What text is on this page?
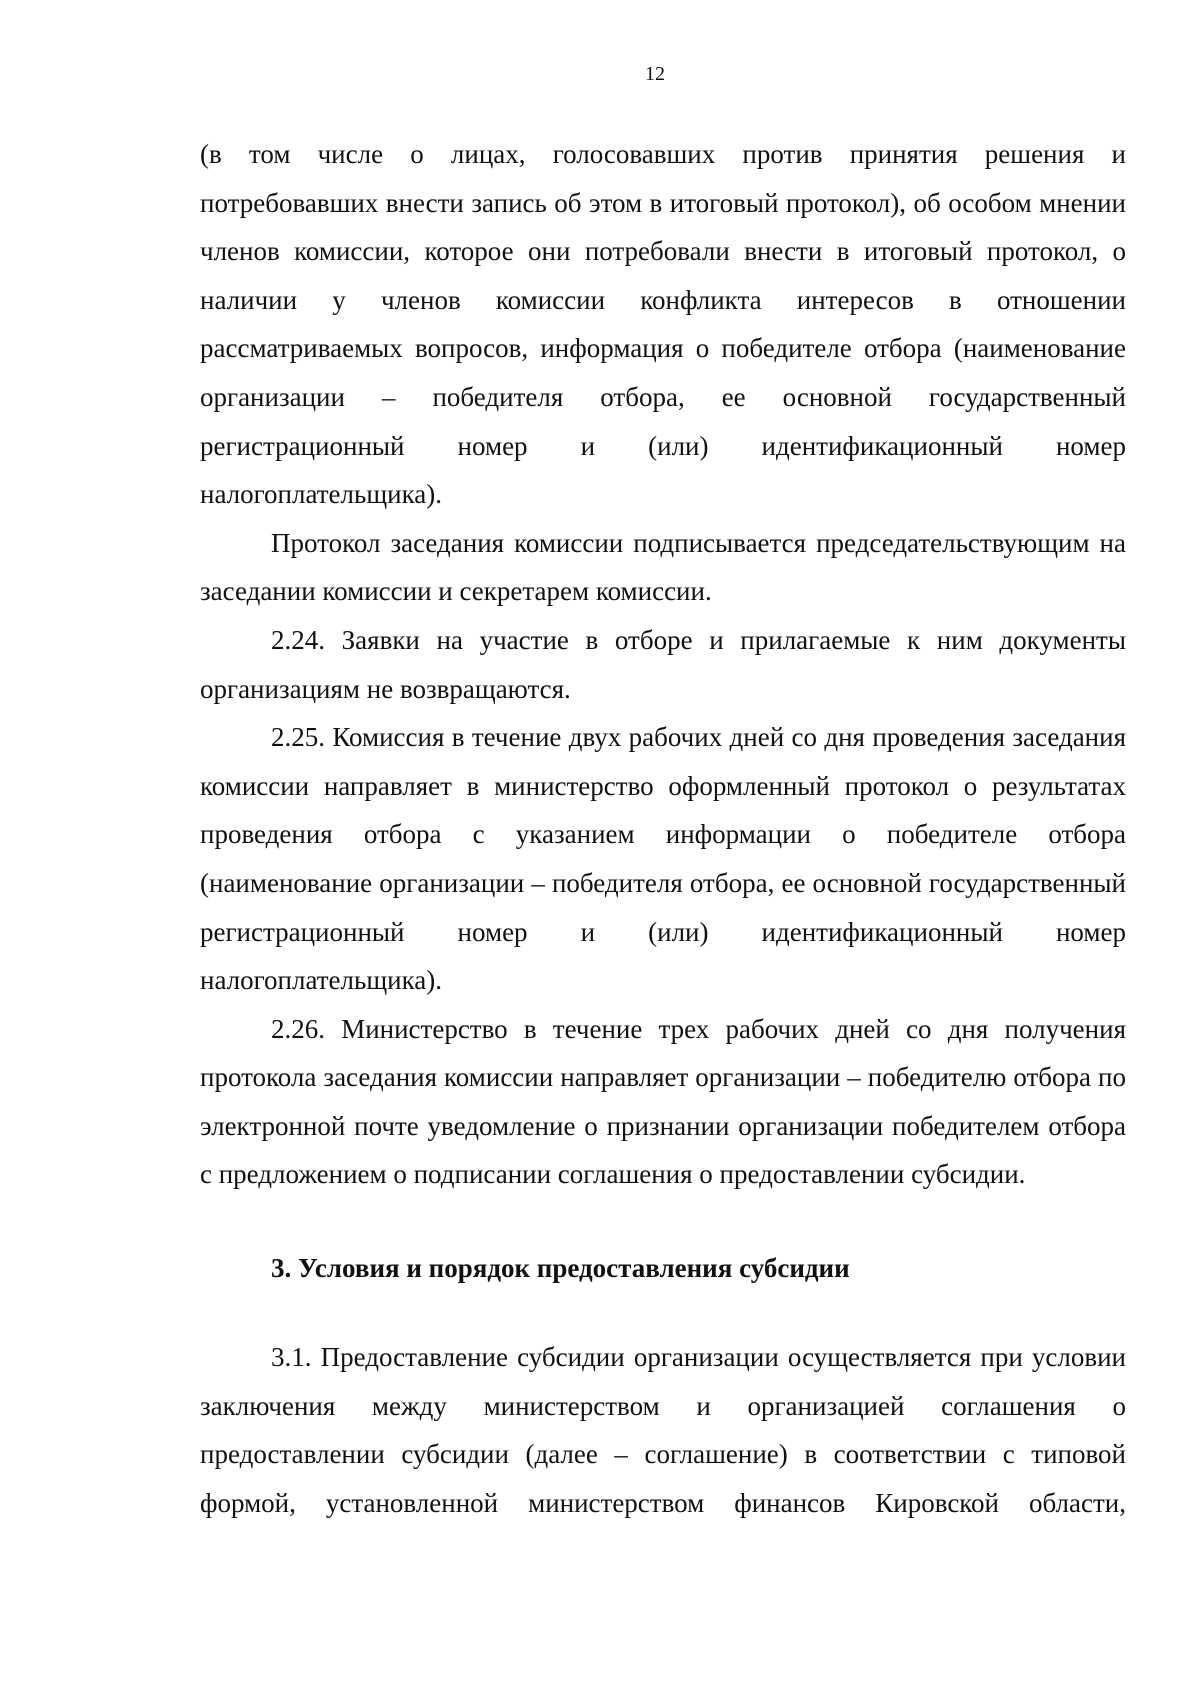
12

(в том числе о лицах, голосовавших против принятия решения и потребовавших внести запись об этом в итоговый протокол), об особом мнении членов комиссии, которое они потребовали внести в итоговый протокол, о наличии у членов комиссии конфликта интересов в отношении рассматриваемых вопросов, информация о победителе отбора (наименование организации – победителя отбора, ее основной государственный регистрационный номер и (или) идентификационный номер налогоплательщика).

Протокол заседания комиссии подписывается председательствующим на заседании комиссии и секретарем комиссии.

2.24. Заявки на участие в отборе и прилагаемые к ним документы организациям не возвращаются.

2.25. Комиссия в течение двух рабочих дней со дня проведения заседания комиссии направляет в министерство оформленный протокол о результатах проведения отбора с указанием информации о победителе отбора (наименование организации – победителя отбора, ее основной государственный регистрационный номер и (или) идентификационный номер налогоплательщика).

2.26. Министерство в течение трех рабочих дней со дня получения протокола заседания комиссии направляет организации – победителю отбора по электронной почте уведомление о признании организации победителем отбора с предложением о подписании соглашения о предоставлении субсидии.

3. Условия и порядок предоставления субсидии

3.1. Предоставление субсидии организации осуществляется при условии заключения между министерством и организацией соглашения о предоставлении субсидии (далее – соглашение) в соответствии с типовой формой, установленной министерством финансов Кировской области,
